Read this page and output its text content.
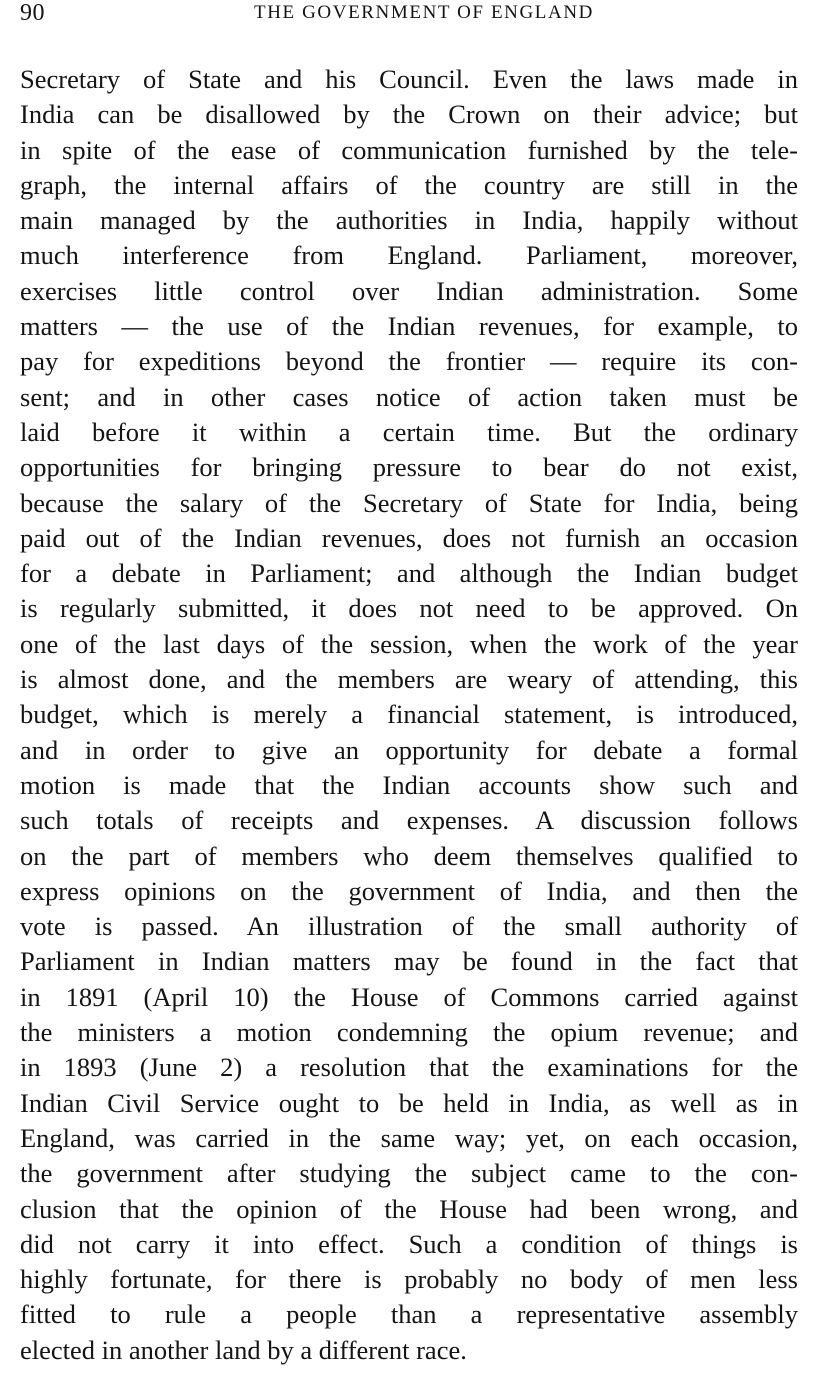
90	THE GOVERNMENT OF ENGLAND
Secretary of State and his Council. Even the laws made in
India can be disallowed by the Crown on their advice; but
in spite of the ease of communication furnished by the tele-
graph, the internal affairs of the country are still in the
main managed by the authorities in India, happily without
much interference from England. Parliament, moreover,
exercises little control over Indian administration. Some
matters — the use of the Indian revenues, for example, to
pay for expeditions beyond the frontier — require its con-
sent; and in other cases notice of action taken must be
laid before it within a certain time. But the ordinary
opportunities for bringing pressure to bear do not exist,
because the salary of the Secretary of State for India, being
paid out of the Indian revenues, does not furnish an occasion
for a debate in Parliament; and although the Indian budget
is regularly submitted, it does not need to be approved. On
one of the last days of the session, when the work of the year
is almost done, and the members are weary of attending, this
budget, which is merely a financial statement, is introduced,
and in order to give an opportunity for debate a formal
motion is made that the Indian accounts show such and
such totals of receipts and expenses. A discussion follows
on the part of members who deem themselves qualified to
express opinions on the government of India, and then the
vote is passed. An illustration of the small authority of
Parliament in Indian matters may be found in the fact that
in 1891 (April 10) the House of Commons carried against
the ministers a motion condemning the opium revenue; and
in 1893 (June 2) a resolution that the examinations for the
Indian Civil Service ought to be held in India, as well as in
England, was carried in the same way; yet, on each occasion,
the government after studying the subject came to the con-
clusion that the opinion of the House had been wrong, and
did not carry it into effect. Such a condition of things is
highly fortunate, for there is probably no body of men less
fitted to rule a people than a representative assembly
elected in another land by a different race.
